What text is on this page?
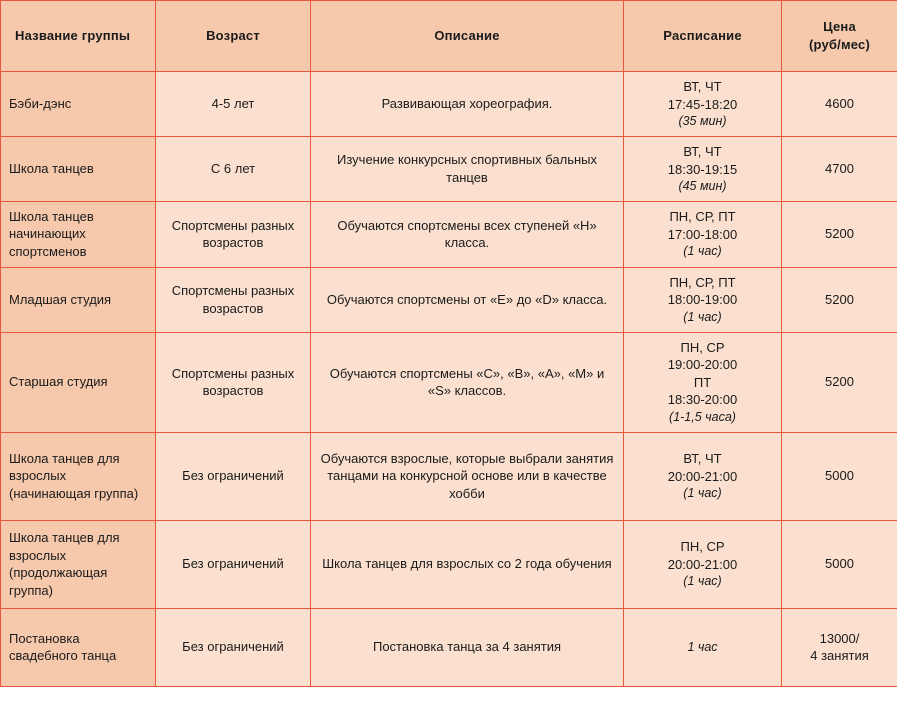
Название группы	Возраст	Описание	Расписание	Цена
(руб/мес)

Бэби-дэнс	4-5 лет	Развивающая хореография.	ВТ, ЧТ
17:45-18:20
(35 мин)	4600
Школа танцев	С 6 лет	Изучение конкурсных спортивных бальных танцев	ВТ, ЧТ
18:30-19:15
(45 мин)	4700
Школа танцев начинающих спортсменов	Спортсмены разных возрастов	Обучаются спортсмены всех ступеней «Н» класса.	ПН, СР, ПТ
17:00-18:00
(1 час)	5200
Младшая студия	Спортсмены разных возрастов	Обучаются спортсмены от «Е» до «D» класса.	ПН, СР, ПТ
18:00-19:00
(1 час)	5200
Старшая студия	Спортсмены разных возрастов	Обучаются спортсмены «С», «В», «А», «М» и «S» классов.	ПН, СР
19:00-20:00
ПТ
18:30-20:00
(1-1,5 часа)	5200
Школа танцев для взрослых (начинающая группа)	Без ограничений	Обучаются взрослые, которые выбрали занятия танцами на конкурсной основе или в качестве хобби	ВТ, ЧТ
20:00-21:00
(1 час)	5000
Школа танцев для взрослых (продолжающая группа)	Без ограничений	Школа танцев для взрослых со 2 года обучения	ПН, СР
20:00-21:00
(1 час)	5000
Постановка свадебного танца	Без ограничений	Постановка танца за 4 занятия	1 час	13000/
4 занятия
